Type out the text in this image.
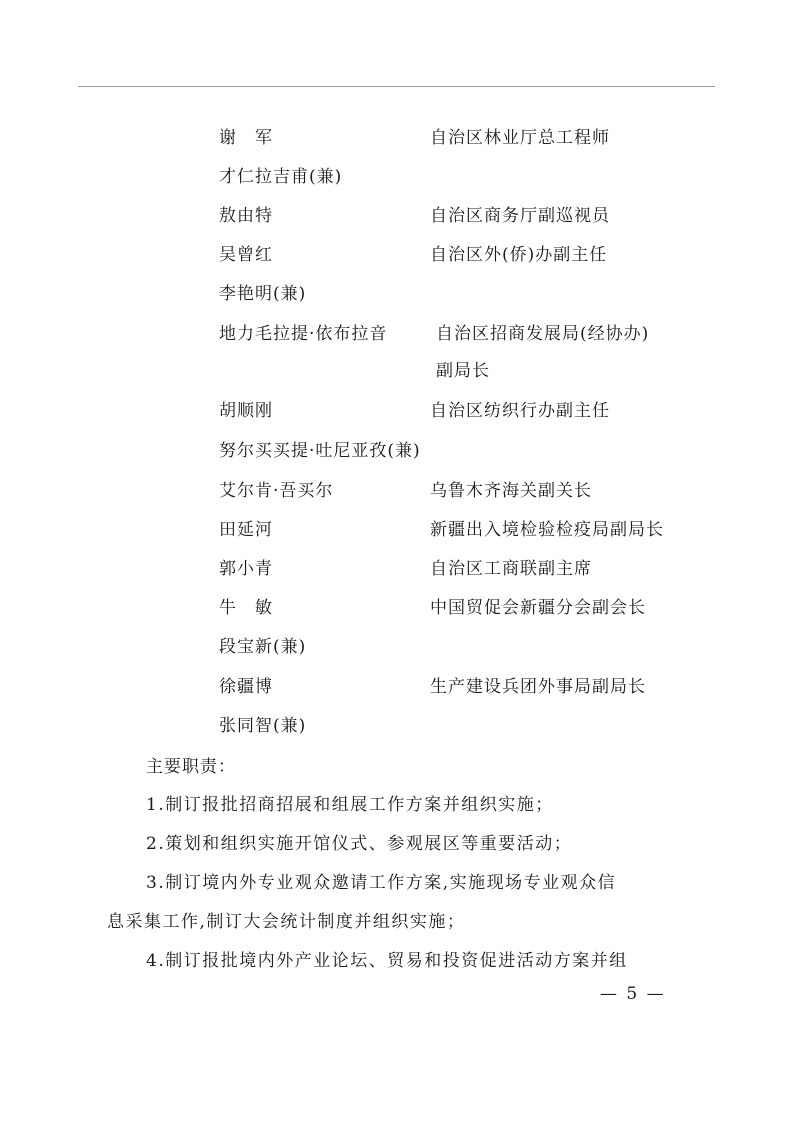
谢　军	自治区林业厅总工程师
才仁拉吉甫(兼)
敖由特	自治区商务厅副巡视员
吴曾红	自治区外(侨)办副主任
李艳明(兼)
地力毛拉提·依布拉音	自治区招商发展局(经协办)
副局长
胡顺刚	自治区纺织行办副主任
努尔买买提·吐尼亚孜(兼)
艾尔肯·吾买尔	乌鲁木齐海关副关长
田延河	新疆出入境检验检疫局副局长
郭小青	自治区工商联副主席
牛　敏	中国贸促会新疆分会副会长
段宝新(兼)
徐疆博	生产建设兵团外事局副局长
张同智(兼)
主要职责：
1.制订报批招商招展和组展工作方案并组织实施；
2.策划和组织实施开馆仪式、参观展区等重要活动；
3.制订境内外专业观众邀请工作方案,实施现场专业观众信
息采集工作,制订大会统计制度并组织实施；
4.制订报批境内外产业论坛、贸易和投资促进活动方案并组
— 5 —
